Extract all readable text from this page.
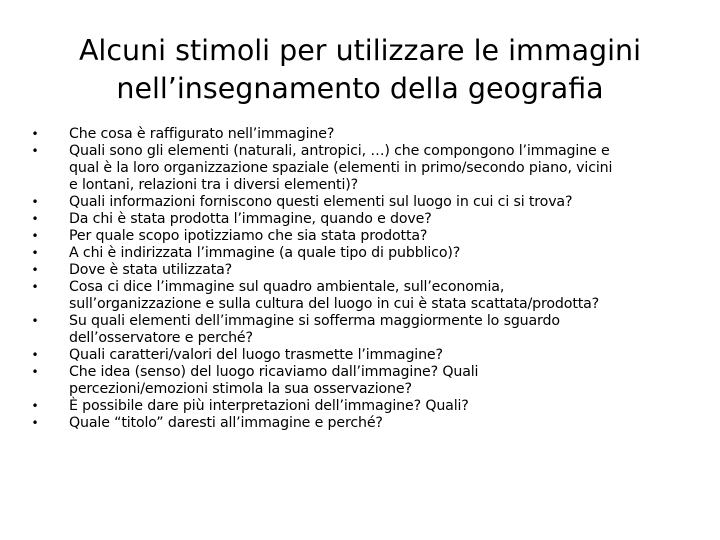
Alcuni stimoli per utilizzare le immagini
nell’insegnamento della geografia
• Che cosa è raffigurato nell’immagine?
• Quali sono gli elementi (naturali, antropici, …) che compongono l’immagine e
qual è la loro organizzazione spaziale (elementi in primo/secondo piano, vicini
e lontani, relazioni tra i diversi elementi)?
• Quali informazioni forniscono questi elementi sul luogo in cui ci si trova?
• Da chi è stata prodotta l’immagine, quando e dove?
• Per quale scopo ipotizziamo che sia stata prodotta?
• A chi è indirizzata l’immagine (a quale tipo di pubblico)?
• Dove è stata utilizzata?
• Cosa ci dice l’immagine sul quadro ambientale, sull’economia,
sull’organizzazione e sulla cultura del luogo in cui è stata scattata/prodotta?
• Su quali elementi dell’immagine si sofferma maggiormente lo sguardo
dell’osservatore e perché?
• Quali caratteri/valori del luogo trasmette l’immagine?
• Che idea (senso) del luogo ricaviamo dall’immagine? Quali
percezioni/emozioni stimola la sua osservazione?
• È possibile dare più interpretazioni dell’immagine? Quali?
• Quale “titolo” daresti all’immagine e perché?
